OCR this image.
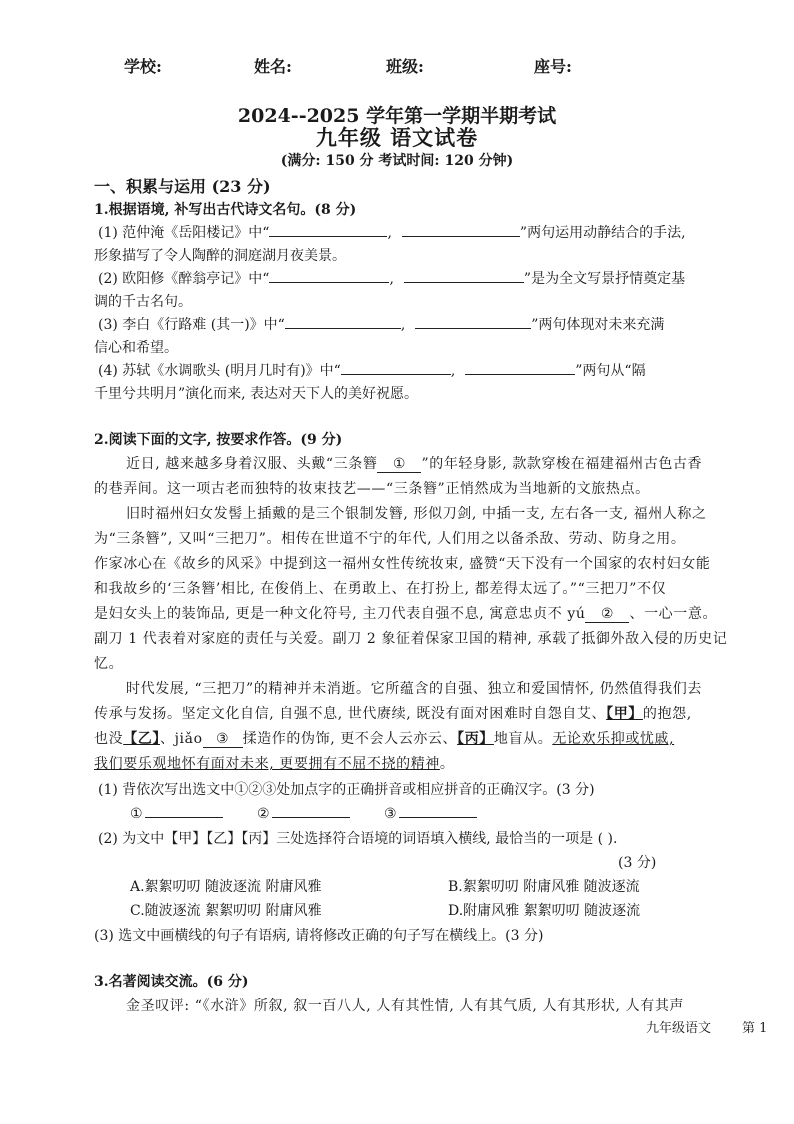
学校:	姓名:	班级:	座号:
2024--2025 学年第一学期半期考试
九年级 语文试卷
(满分: 150 分 考试时间: 120 分钟)
一、积累与运用 (23 分)
1.根据语境, 补写出古代诗文名句。(8 分)
(1) 范仲淹《岳阳楼记》中“	,	”两句运用动静结合的手法,
形象描写了令人陶醉的洞庭湖月夜美景。
(2) 欧阳修《醉翁亭记》中“	,	”是为全文写景抒情奠定基
调的千古名句。
(3) 李白《行路难 (其一)》中“	,	”两句体现对未来充满
信心和希望。
(4) 苏轼《水调歌头 (明月几时有)》中“	,	”两句从“隔
千里兮共明月”演化而来, 表达对天下人的美好祝愿。
2.阅读下面的文字, 按要求作答。(9 分)
近日, 越来越多身着汉服、头戴“三条簪 ① ”的年轻身影, 款款穿梭在福建福州古色古香
的巷弄间。这一项古老而独特的妆束技艺——“三条簪”正悄然成为当地新的文旅热点。
旧时福州妇女发髻上插戴的是三个银制发簪, 形似刀剑, 中插一支, 左右各一支, 福州人称之
为“三条簪”, 又叫“三把刀”。相传在世道不宁的年代, 人们用之以备杀敌、劳动、防身之用。
作家冰心在《故乡的风采》中提到这一福州女性传统妆束, 盛赞“天下没有一个国家的农村妇女能
和我故乡的‘三条簪’相比, 在俊俏上、在勇敢上、在打扮上, 都差得太远了。”“三把刀”不仅
是妇女头上的装饰品, 更是一种文化符号, 主刀代表自强不息, 寓意忠贞不 yú ② 、一心一意。
副刀 1 代表着对家庭的责任与关爱。副刀 2 象征着保家卫国的精神, 承载了抵御外敌入侵的历史记
忆。
时代发展, “三把刀”的精神并未消逝。它所蕴含的自强、独立和爱国情怀, 仍然值得我们去
传承与发扬。坚定文化自信, 自强不息, 世代赓续, 既没有面对困难时自怨自艾、【甲】的抱怨,
也没【乙】、jiǎo ③ 揉造作的伪饰, 更不会人云亦云、【丙】地盲从。无论欢乐抑或忧戚,
我们要乐观地怀有面对未来, 更要拥有不屈不挠的精神。
(1) 背依次写出选文中①②③处加点字的正确拼音或相应拼音的正确汉字。(3 分)
①	②	③
(2) 为文中【甲】【乙】【丙】三处选择符合语境的词语填入横线, 最恰当的一项是 ( ).
(3 分)
A.絮絮叨叨 随波逐流 附庸风雅	B.絮絮叨叨 附庸风雅 随波逐流
C.随波逐流 絮絮叨叨 附庸风雅	D.附庸风雅 絮絮叨叨 随波逐流
(3) 选文中画横线的句子有语病, 请将修改正确的句子写在横线上。(3 分)
3.名著阅读交流。(6 分)
金圣叹评: “《水浒》所叙, 叙一百八人, 人有其性情, 人有其气质, 人有其形状, 人有其声
九年级语文 第 1
